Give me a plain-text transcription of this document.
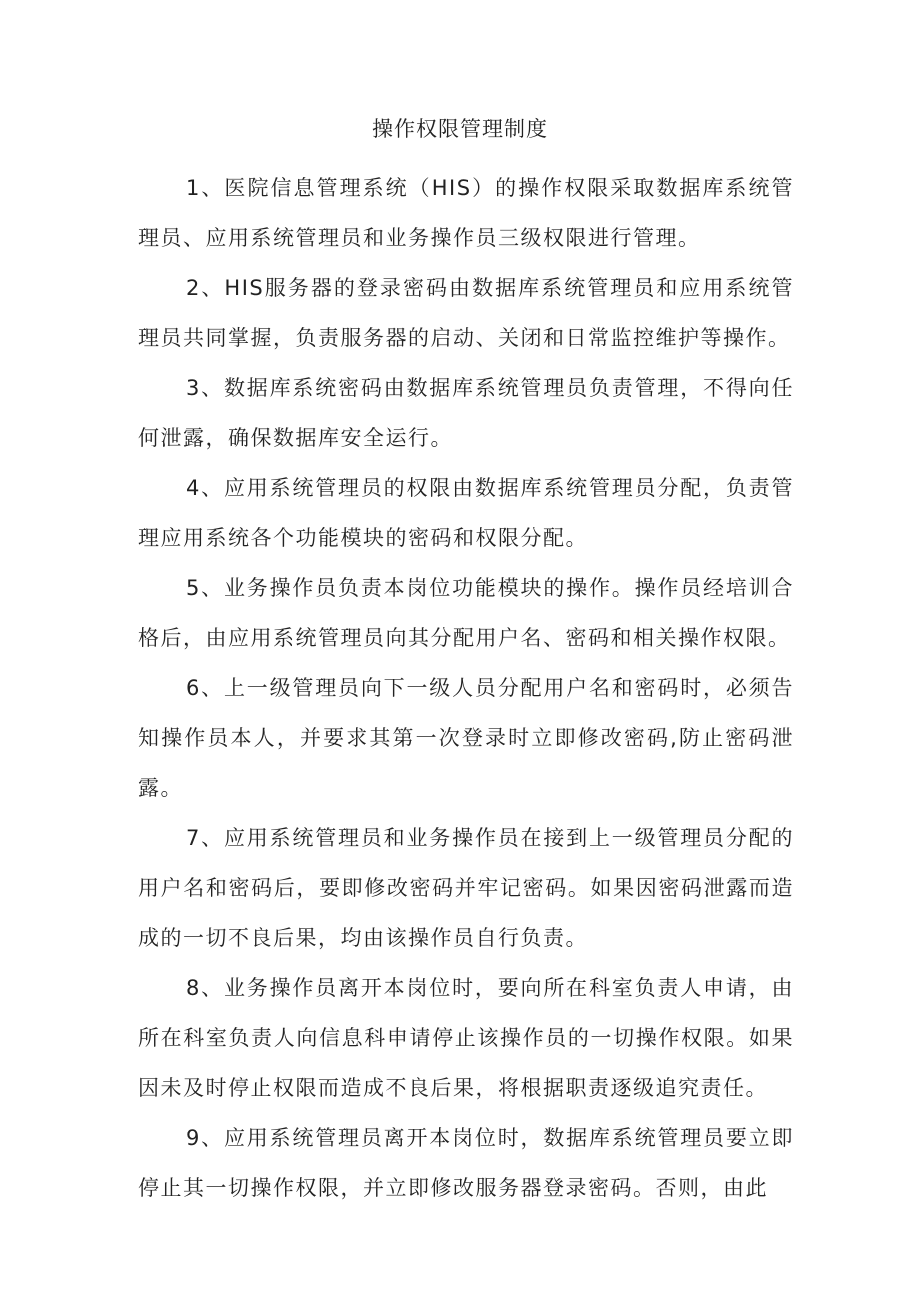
操作权限管理制度

1、医院信息管理系统（HIS）的操作权限采取数据库系统管理员、应用系统管理员和业务操作员三级权限进行管理。

2、HIS服务器的登录密码由数据库系统管理员和应用系统管理员共同掌握，负责服务器的启动、关闭和日常监控维护等操作。

3、数据库系统密码由数据库系统管理员负责管理，不得向任何泄露，确保数据库安全运行。

4、应用系统管理员的权限由数据库系统管理员分配，负责管理应用系统各个功能模块的密码和权限分配。

5、业务操作员负责本岗位功能模块的操作。操作员经培训合格后，由应用系统管理员向其分配用户名、密码和相关操作权限。

6、上一级管理员向下一级人员分配用户名和密码时，必须告知操作员本人，并要求其第一次登录时立即修改密码,防止密码泄露。

7、应用系统管理员和业务操作员在接到上一级管理员分配的用户名和密码后，要即修改密码并牢记密码。如果因密码泄露而造成的一切不良后果，均由该操作员自行负责。

8、业务操作员离开本岗位时，要向所在科室负责人申请，由所在科室负责人向信息科申请停止该操作员的一切操作权限。如果因未及时停止权限而造成不良后果，将根据职责逐级追究责任。

9、应用系统管理员离开本岗位时，数据库系统管理员要立即停止其一切操作权限，并立即修改服务器登录密码。否则，由此
